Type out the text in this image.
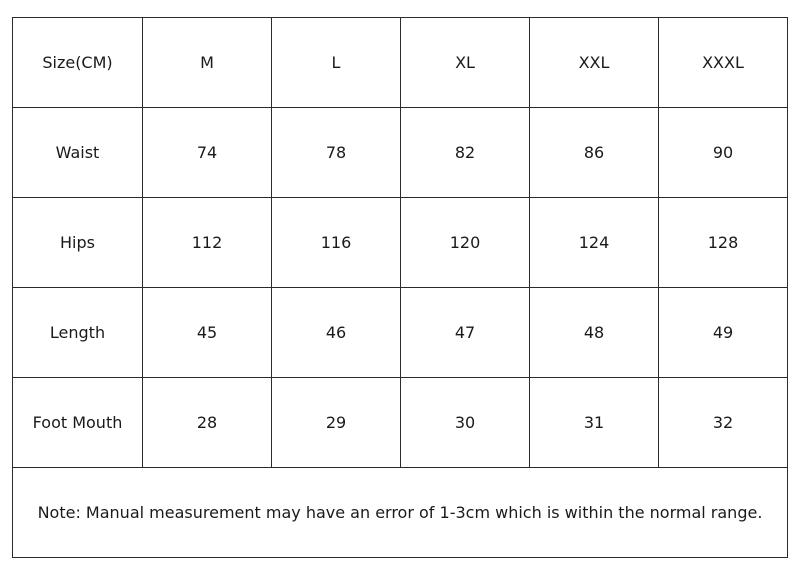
Size(CM)	M	L	XL	XXL	XXXL
Waist	74	78	82	86	90
Hips	112	116	120	124	128
Length	45	46	47	48	49
Foot Mouth	28	29	30	31	32
Note: Manual measurement may have an error of 1-3cm which is within the normal range.					
